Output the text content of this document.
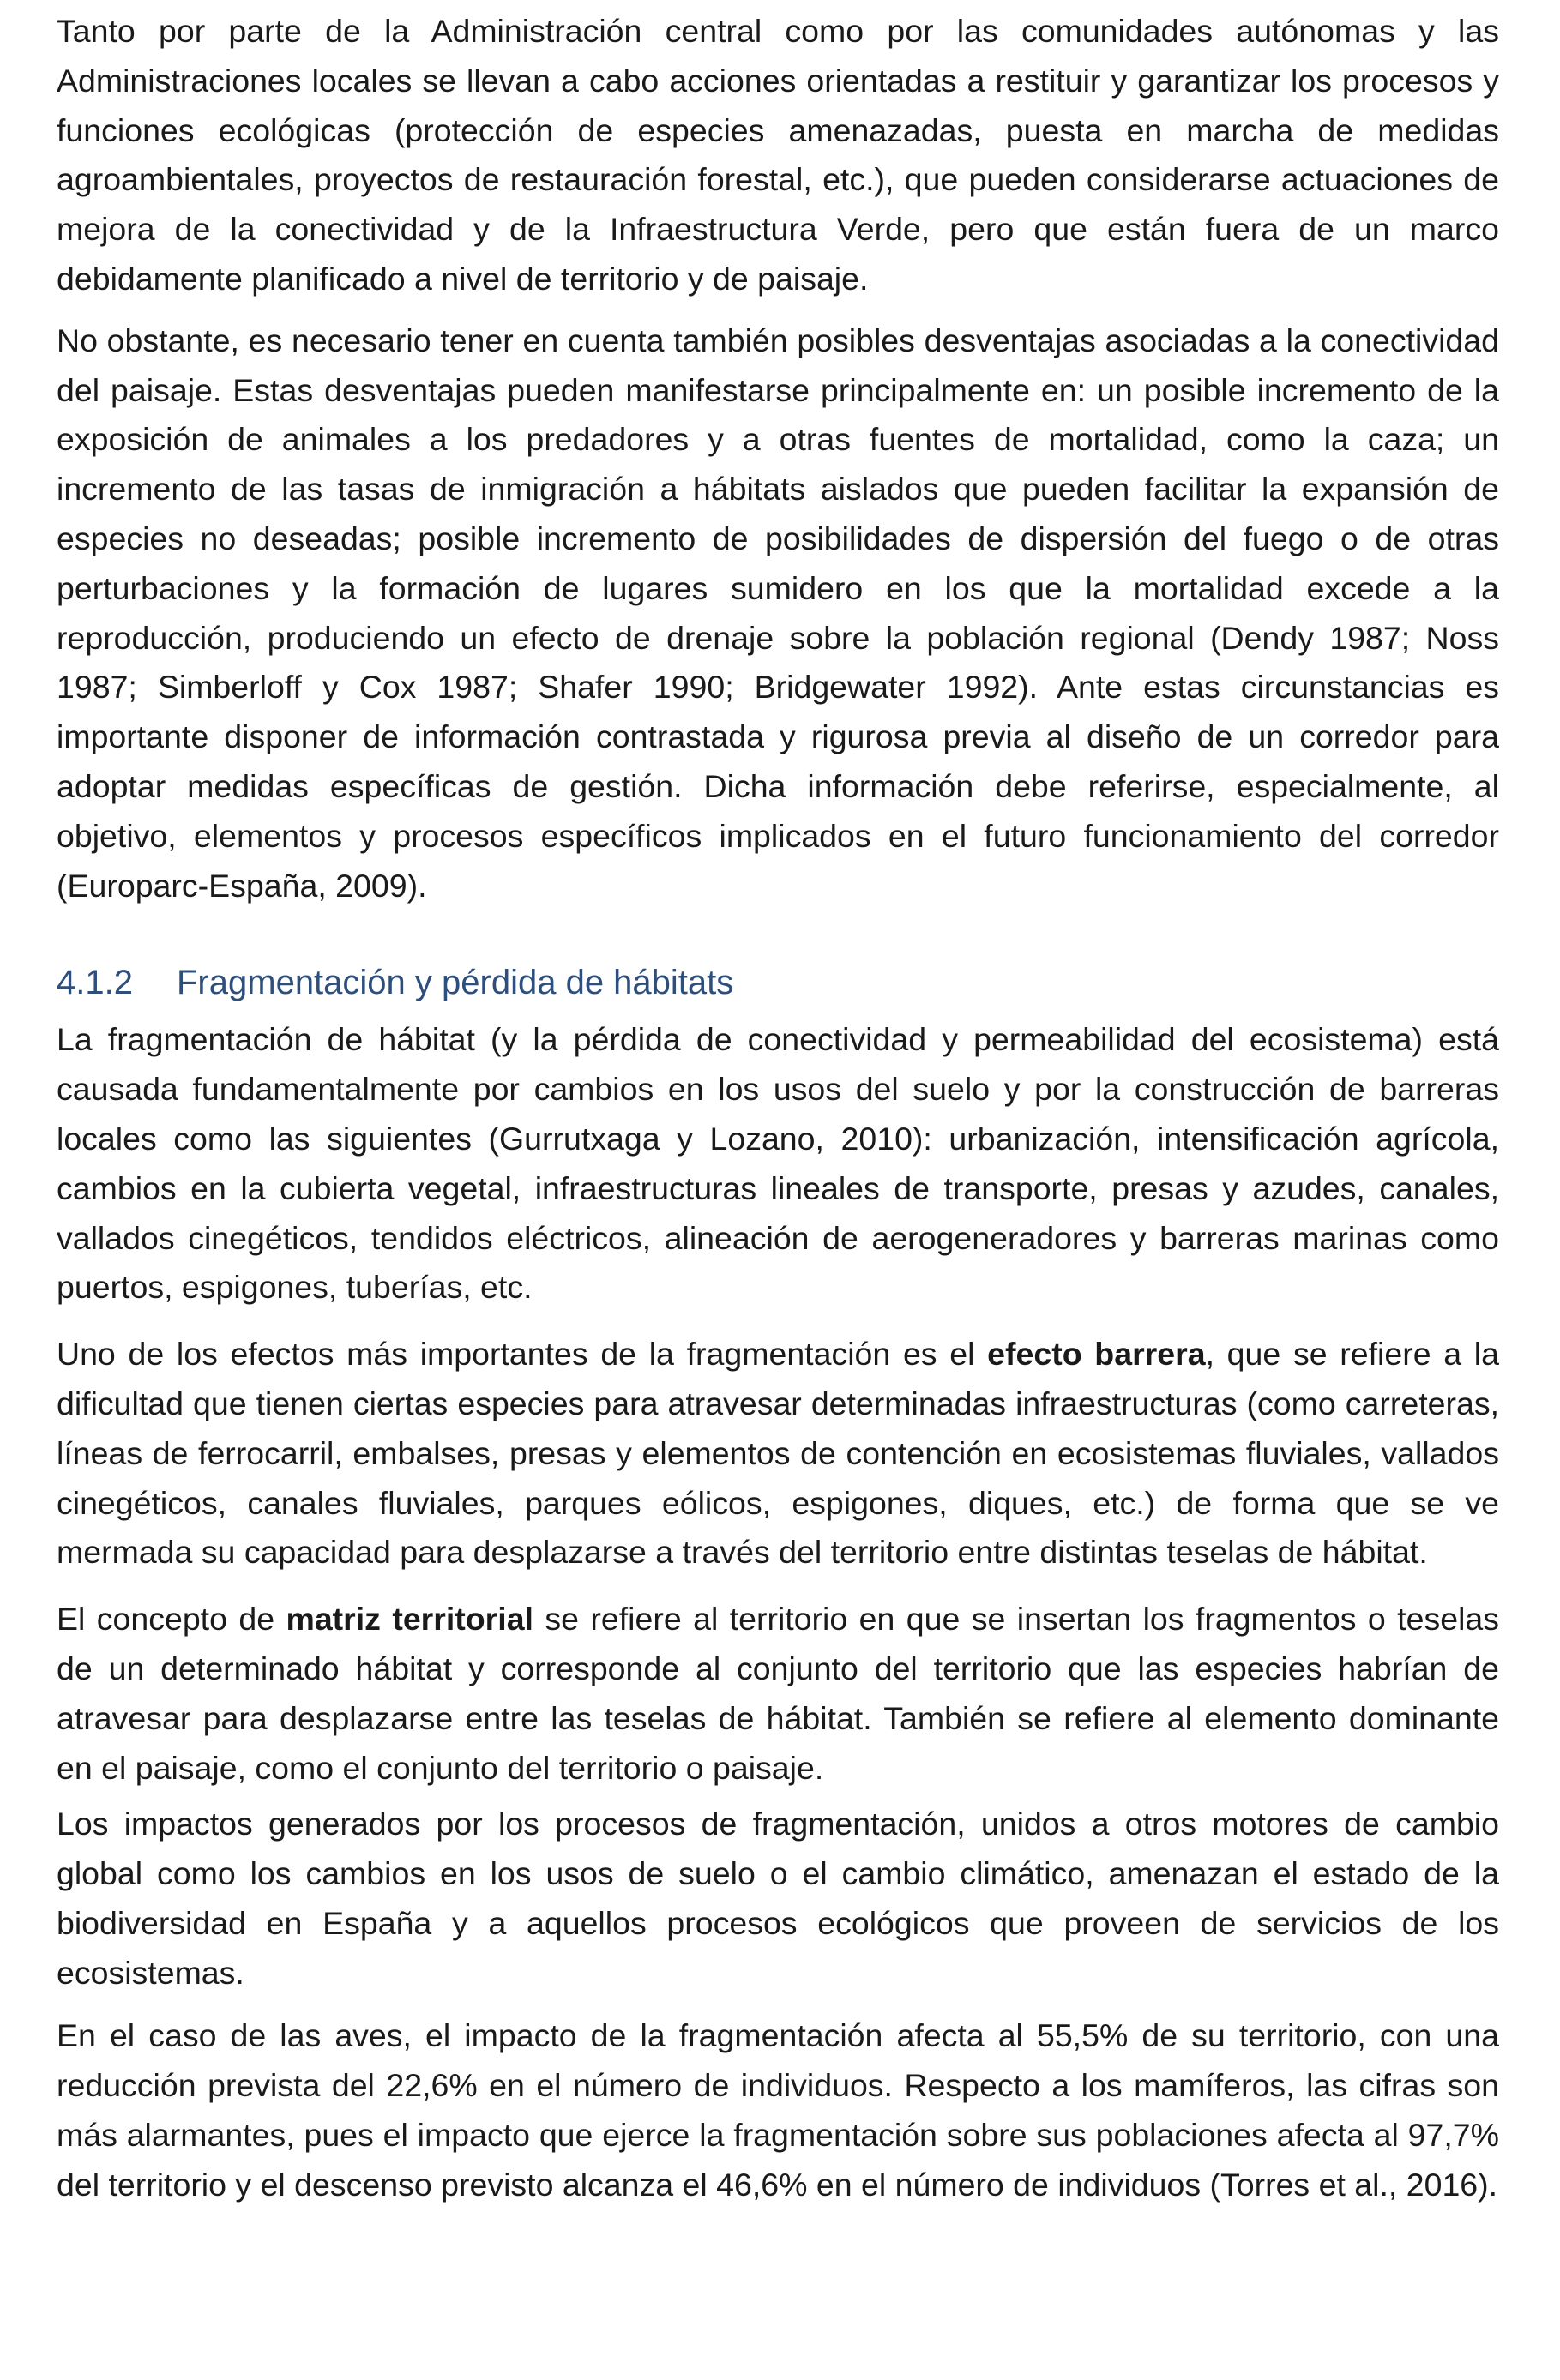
Tanto por parte de la Administración central como por las comunidades autónomas y las Administraciones locales se llevan a cabo acciones orientadas a restituir y garantizar los procesos y funciones ecológicas (protección de especies amenazadas, puesta en marcha de medidas agroambientales, proyectos de restauración forestal, etc.), que pueden considerarse actuaciones de mejora de la conectividad y de la Infraestructura Verde, pero que están fuera de un marco debidamente planificado a nivel de territorio y de paisaje.

No obstante, es necesario tener en cuenta también posibles desventajas asociadas a la conectividad del paisaje. Estas desventajas pueden manifestarse principalmente en: un posible incremento de la exposición de animales a los predadores y a otras fuentes de mortalidad, como la caza; un incremento de las tasas de inmigración a hábitats aislados que pueden facilitar la expansión de especies no deseadas; posible incremento de posibilidades de dispersión del fuego o de otras perturbaciones y la formación de lugares sumidero en los que la mortalidad excede a la reproducción, produciendo un efecto de drenaje sobre la población regional (Dendy 1987; Noss 1987; Simberloff y Cox 1987; Shafer 1990; Bridgewater 1992). Ante estas circunstancias es importante disponer de información contrastada y rigurosa previa al diseño de un corredor para adoptar medidas específicas de gestión. Dicha información debe referirse, especialmente, al objetivo, elementos y procesos específicos implicados en el futuro funcionamiento del corredor (Europarc-España, 2009).

4.1.2 Fragmentación y pérdida de hábitats

La fragmentación de hábitat (y la pérdida de conectividad y permeabilidad del ecosistema) está causada fundamentalmente por cambios en los usos del suelo y por la construcción de barreras locales como las siguientes (Gurrutxaga y Lozano, 2010): urbanización, intensificación agrícola, cambios en la cubierta vegetal, infraestructuras lineales de transporte, presas y azudes, canales, vallados cinegéticos, tendidos eléctricos, alineación de aerogeneradores y barreras marinas como puertos, espigones, tuberías, etc.

Uno de los efectos más importantes de la fragmentación es el efecto barrera, que se refiere a la dificultad que tienen ciertas especies para atravesar determinadas infraestructuras (como carreteras, líneas de ferrocarril, embalses, presas y elementos de contención en ecosistemas fluviales, vallados cinegéticos, canales fluviales, parques eólicos, espigones, diques, etc.) de forma que se ve mermada su capacidad para desplazarse a través del territorio entre distintas teselas de hábitat.

El concepto de matriz territorial se refiere al territorio en que se insertan los fragmentos o teselas de un determinado hábitat y corresponde al conjunto del territorio que las especies habrían de atravesar para desplazarse entre las teselas de hábitat. También se refiere al elemento dominante en el paisaje, como el conjunto del territorio o paisaje.

Los impactos generados por los procesos de fragmentación, unidos a otros motores de cambio global como los cambios en los usos de suelo o el cambio climático, amenazan el estado de la biodiversidad en España y a aquellos procesos ecológicos que proveen de servicios de los ecosistemas.

En el caso de las aves, el impacto de la fragmentación afecta al 55,5% de su territorio, con una reducción prevista del 22,6% en el número de individuos. Respecto a los mamíferos, las cifras son más alarmantes, pues el impacto que ejerce la fragmentación sobre sus poblaciones afecta al 97,7% del territorio y el descenso previsto alcanza el 46,6% en el número de individuos (Torres et al., 2016).
